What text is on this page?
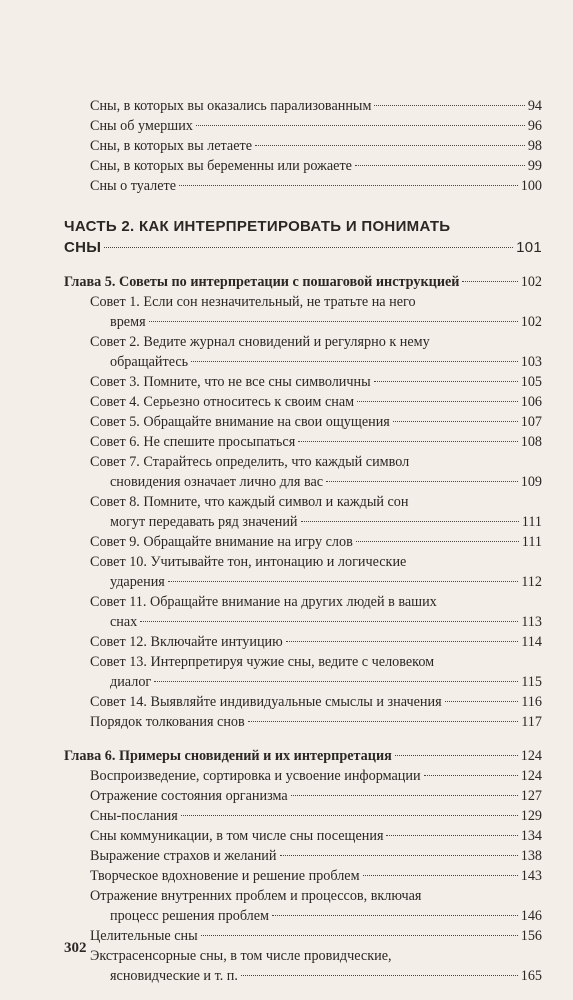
Сны, в которых вы оказались парализованным	94
Сны об умерших	96
Сны, в которых вы летаете	98
Сны, в которых вы беременны или рожаете	99
Сны о туалете	100
ЧАСТЬ 2. КАК ИНТЕРПРЕТИРОВАТЬ И ПОНИМАТЬ
СНЫ	101
Глава 5. Советы по интерпретации с пошаговой инструкцией	102
Совет 1. Если сон незначительный, не тратьте на него
время	102
Совет 2. Ведите журнал сновидений и регулярно к нему
обращайтесь	103
Совет 3. Помните, что не все сны символичны	105
Совет 4. Серьезно относитесь к своим снам	106
Совет 5. Обращайте внимание на свои ощущения	107
Совет 6. Не спешите просыпаться	108
Совет 7. Старайтесь определить, что каждый символ
сновидения означает лично для вас	109
Совет 8. Помните, что каждый символ и каждый сон
могут передавать ряд значений	111
Совет 9. Обращайте внимание на игру слов	111
Совет 10. Учитывайте тон, интонацию и логические
ударения	112
Совет 11. Обращайте внимание на других людей в ваших
снах	113
Совет 12. Включайте интуицию	114
Совет 13. Интерпретируя чужие сны, ведите с человеком
диалог	115
Совет 14. Выявляйте индивидуальные смыслы и значения	116
Порядок толкования снов	117
Глава 6. Примеры сновидений и их интерпретация	124
Воспроизведение, сортировка и усвоение информации	124
Отражение состояния организма	127
Сны-послания	129
Сны коммуникации, в том числе сны посещения	134
Выражение страхов и желаний	138
Творческое вдохновение и решение проблем	143
Отражение внутренних проблем и процессов, включая
процесс решения проблем	146
Целительные сны	156
Экстрасенсорные сны, в том числе провидческие,
ясновидческие и т. п.	165
302
